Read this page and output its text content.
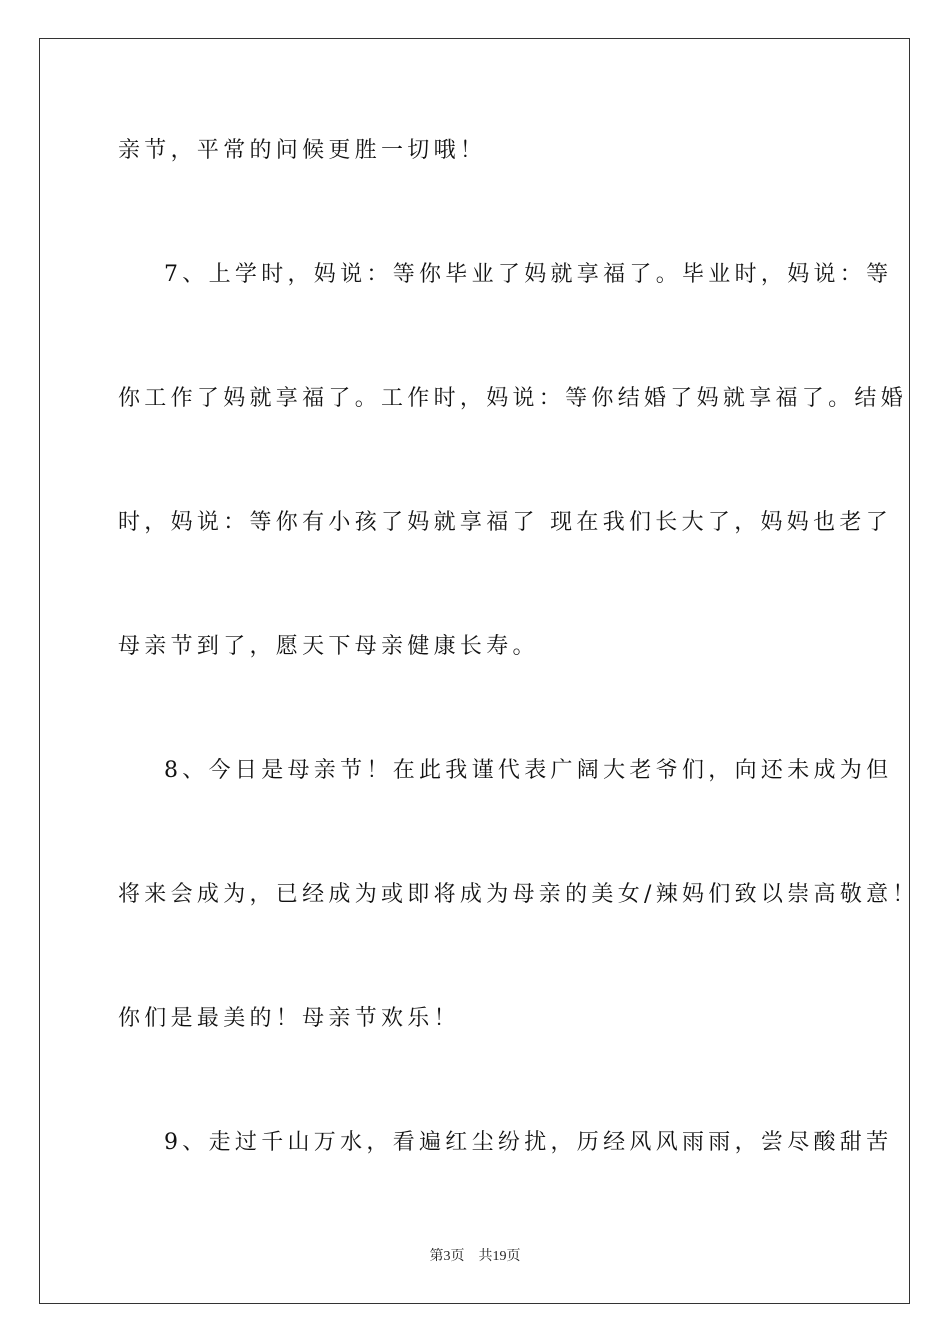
亲节，平常的问候更胜一切哦！
7、上学时，妈说：等你毕业了妈就享福了。毕业时，妈说：等
你工作了妈就享福了。工作时，妈说：等你结婚了妈就享福了。结婚
时，妈说：等你有小孩了妈就享福了 现在我们长大了，妈妈也老了
母亲节到了，愿天下母亲健康长寿。
8、今日是母亲节！在此我谨代表广阔大老爷们，向还未成为但
将来会成为，已经成为或即将成为母亲的美女/辣妈们致以崇高敬意！
你们是最美的！母亲节欢乐！
9、走过千山万水，看遍红尘纷扰，历经风风雨雨，尝尽酸甜苦
第3页 共19页
